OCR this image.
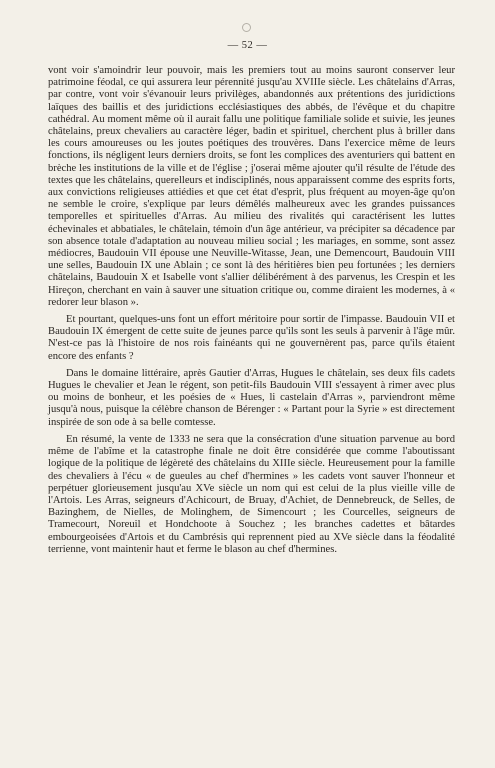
— 52 —

vont voir s'amoindrir leur pouvoir, mais les premiers tout au moins sauront conserver leur patrimoine féodal, ce qui assurera leur pérennité jusqu'au XVIIIe siècle. Les châtelains d'Arras, par contre, vont voir s'évanouir leurs privilèges, abandonnés aux prétentions des juridictions laïques des baillis et des juridictions ecclésiastiques des abbés, de l'évêque et du chapitre cathédral. Au moment même où il aurait fallu une politique familiale solide et suivie, les jeunes châtelains, preux chevaliers au caractère léger, badin et spirituel, cherchent plus à briller dans les cours amoureuses ou les joutes poétiques des trouvères. Dans l'exercice même de leurs fonctions, ils négligent leurs derniers droits, se font les complices des aventuriers qui battent en brèche les institutions de la ville et de l'église ; j'oserai même ajouter qu'il résulte de l'étude des textes que les châtelains, querelleurs et indisciplinés, nous apparaissent comme des esprits forts, aux convictions religieuses attiédies et que cet état d'esprit, plus fréquent au moyen-âge qu'on ne semble le croire, s'explique par leurs démêlés malheureux avec les grandes puissances temporelles et spirituelles d'Arras. Au milieu des rivalités qui caractérisent les luttes échevinales et abbatiales, le châtelain, témoin d'un âge antérieur, va précipiter sa décadence par son absence totale d'adaptation au nouveau milieu social ; les mariages, en somme, sont assez médiocres, Baudouin VII épouse une Neuville-Witasse, Jean, une Demencourt, Baudouin VIII une selles, Baudouin IX une Ablain ; ce sont là des héritières bien peu fortunées ; les derniers châtelains, Baudouin X et Isabelle vont s'allier délibérément à des parvenus, les Crespin et les Hireçon, cherchant en vain à sauver une situation critique ou, comme diraient les modernes, à « redorer leur blason ».

Et pourtant, quelques-uns font un effort méritoire pour sortir de l'impasse. Baudouin VII et Baudouin IX émergent de cette suite de jeunes parce qu'ils sont les seuls à parvenir à l'âge mûr. N'est-ce pas là l'histoire de nos rois fainéants qui ne gouvernèrent pas, parce qu'ils étaient encore des enfants ?

Dans le domaine littéraire, après Gautier d'Arras, Hugues le châtelain, ses deux fils cadets Hugues le chevalier et Jean le régent, son petit-fils Baudouin VIII s'essayent à rimer avec plus ou moins de bonheur, et les poésies de « Hues, li castelain d'Arras », parviendront même jusqu'à nous, puisque la célèbre chanson de Bérenger : « Partant pour la Syrie » est directement inspirée de son ode à sa belle comtesse.

En résumé, la vente de 1333 ne sera que la consécration d'une situation parvenue au bord même de l'abîme et la catastrophe finale ne doit être considérée que comme l'aboutissant logique de la politique de légèreté des châtelains du XIIIe siècle. Heureusement pour la famille des chevaliers à l'écu « de gueules au chef d'hermines » les cadets vont sauver l'honneur et perpétuer glorieusement jusqu'au XVe siècle un nom qui est celui de la plus vieille ville de l'Artois. Les Arras, seigneurs d'Achicourt, de Bruay, d'Achiet, de Dennebreuck, de Selles, de Bazinghem, de Nielles, de Molinghem, de Simencourt ; les Courcelles, seigneurs de Tramecourt, Noreuil et Hondchoote à Souchez ; les branches cadettes et bâtardes embourgeoisées d'Artois et du Cambrésis qui reprennent pied au XVe siècle dans la féodalité terrienne, vont maintenir haut et ferme le blason au chef d'hermines.
